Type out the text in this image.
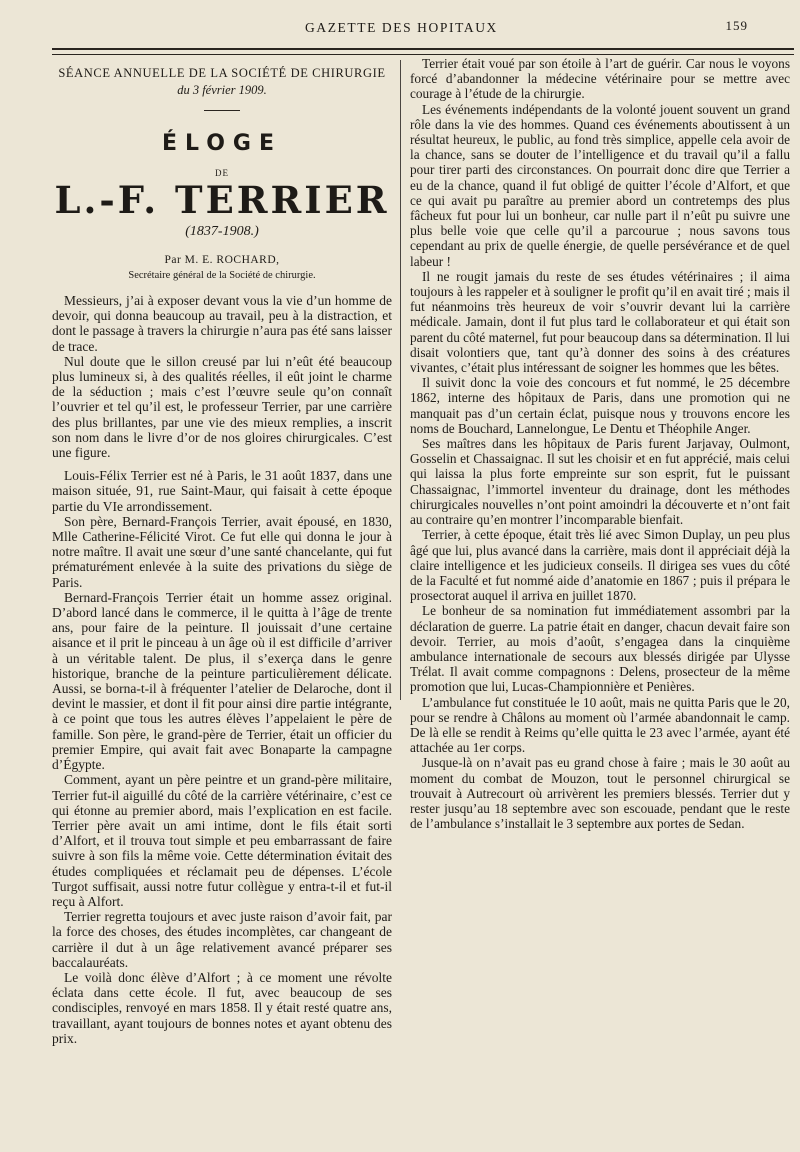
GAZETTE DES HOPITAUX	159
SÉANCE ANNUELLE DE LA SOCIÉTÉ DE CHIRURGIE
du 3 février 1909.
ÉLOGE
DE
L.-F. TERRIER
(1837-1908.)
Par M. E. ROCHARD,
Secrétaire général de la Société de chirurgie.

Messieurs, j’ai à exposer devant vous la vie d’un homme de devoir, qui donna beaucoup au travail, peu à la distraction, et dont le passage à travers la chirurgie n’aura pas été sans laisser de trace.

Nul doute que le sillon creusé par lui n’eût été beaucoup plus lumineux si, à des qualités réelles, il eût joint le charme de la séduction ; mais c’est l’œuvre seule qu’on connaît l’ouvrier et tel qu’il est, le professeur Terrier, par une carrière des plus brillantes, par une vie des mieux remplies, a inscrit son nom dans le livre d’or de nos gloires chirurgicales. C’est une figure.

Louis-Félix Terrier est né à Paris, le 31 août 1837, dans une maison située, 91, rue Saint-Maur, qui faisait à cette époque partie du VIe arrondissement.

Son père, Bernard-François Terrier, avait épousé, en 1830, Mlle Catherine-Félicité Virot. Ce fut elle qui donna le jour à notre maître. Il avait une sœur d’une santé chancelante, qui fut prématurément enlevée à la suite des privations du siège de Paris.

Bernard-François Terrier était un homme assez original. D’abord lancé dans le commerce, il le quitta à l’âge de trente ans, pour faire de la peinture. Il jouissait d’une certaine aisance et il prit le pinceau à un âge où il est difficile d’arriver à un véritable talent. De plus, il s’exerça dans le genre historique, branche de la peinture particulièrement délicate. Aussi, se borna-t-il à fréquenter l’atelier de Delaroche, dont il devint le massier, et dont il fit pour ainsi dire partie intégrante, à ce point que tous les autres élèves l’appelaient le père de famille. Son père, le grand-père de Terrier, était un officier du premier Empire, qui avait fait avec Bonaparte la campagne d’Égypte.

Comment, ayant un père peintre et un grand-père militaire, Terrier fut-il aiguillé du côté de la carrière vétérinaire, c’est ce qui étonne au premier abord, mais l’explication en est facile. Terrier père avait un ami intime, dont le fils était sorti d’Alfort, et il trouva tout simple et peu embarrassant de faire suivre à son fils la même voie. Cette détermination évitait des études compliquées et réclamait peu de dépenses. L’école Turgot suffisait, aussi notre futur collègue y entra-t-il et fut-il reçu à Alfort.

Terrier regretta toujours et avec juste raison d’avoir fait, par la force des choses, des études incomplètes, car changeant de carrière il dut à un âge relativement avancé préparer ses baccalauréats.

Le voilà donc élève d’Alfort ; à ce moment une révolte éclata dans cette école. Il fut, avec beaucoup de ses condisciples, renvoyé en mars 1858. Il y était resté quatre ans, travaillant, ayant toujours de bonnes notes et ayant obtenu des prix.

Terrier était voué par son étoile à l’art de guérir. Car nous le voyons forcé d’abandonner la médecine vétérinaire pour se mettre avec courage à l’étude de la chirurgie.

Les événements indépendants de la volonté jouent souvent un grand rôle dans la vie des hommes. Quand ces événements aboutissent à un résultat heureux, le public, au fond très simplice, appelle cela avoir de la chance, sans se douter de l’intelligence et du travail qu’il a fallu pour tirer parti des circonstances. On pourrait donc dire que Terrier a eu de la chance, quand il fut obligé de quitter l’école d’Alfort, et que ce qui avait pu paraître au premier abord un contretemps des plus fâcheux fut pour lui un bonheur, car nulle part il n’eût pu suivre une plus belle voie que celle qu’il a parcourue ; nous savons tous cependant au prix de quelle énergie, de quelle persévérance et de quel labeur !

Il ne rougit jamais du reste de ses études vétérinaires ; il aima toujours à les rappeler et à souligner le profit qu’il en avait tiré ; mais il fut néanmoins très heureux de voir s’ouvrir devant lui la carrière médicale. Jamain, dont il fut plus tard le collaborateur et qui était son parent du côté maternel, fut pour beaucoup dans sa détermination. Il lui disait volontiers que, tant qu’à donner des soins à des créatures vivantes, c’était plus intéressant de soigner les hommes que les bêtes.

Il suivit donc la voie des concours et fut nommé, le 25 décembre 1862, interne des hôpitaux de Paris, dans une promotion qui ne manquait pas d’un certain éclat, puisque nous y trouvons encore les noms de Bouchard, Lannelongue, Le Dentu et Théophile Anger.

Ses maîtres dans les hôpitaux de Paris furent Jarjavay, Oulmont, Gosselin et Chassaignac. Il sut les choisir et en fut apprécié, mais celui qui laissa la plus forte empreinte sur son esprit, fut le puissant Chassaignac, l’immortel inventeur du drainage, dont les méthodes chirurgicales nouvelles n’ont point amoindri la découverte et n’ont fait au contraire qu’en montrer l’incomparable bienfait.

Terrier, à cette époque, était très lié avec Simon Duplay, un peu plus âgé que lui, plus avancé dans la carrière, mais dont il appréciait déjà la claire intelligence et les judicieux conseils. Il dirigea ses vues du côté de la Faculté et fut nommé aide d’anatomie en 1867 ; puis il prépara le prosectorat auquel il arriva en juillet 1870.

Le bonheur de sa nomination fut immédiatement assombri par la déclaration de guerre. La patrie était en danger, chacun devait faire son devoir. Terrier, au mois d’août, s’engagea dans la cinquième ambulance internationale de secours aux blessés dirigée par Ulysse Trélat. Il avait comme compagnons : Delens, prosecteur de la même promotion que lui, Lucas-Championnière et Penières.

L’ambulance fut constituée le 10 août, mais ne quitta Paris que le 20, pour se rendre à Châlons au moment où l’armée abandonnait le camp. De là elle se rendit à Reims qu’elle quitta le 23 avec l’armée, ayant été attachée au 1er corps.

Jusque-là on n’avait pas eu grand chose à faire ; mais le 30 août au moment du combat de Mouzon, tout le personnel chirurgical se trouvait à Autrecourt où arrivèrent les premiers blessés. Terrier dut y rester jusqu’au 18 septembre avec son escouade, pendant que le reste de l’ambulance s’installait le 3 septembre aux portes de Sedan.
